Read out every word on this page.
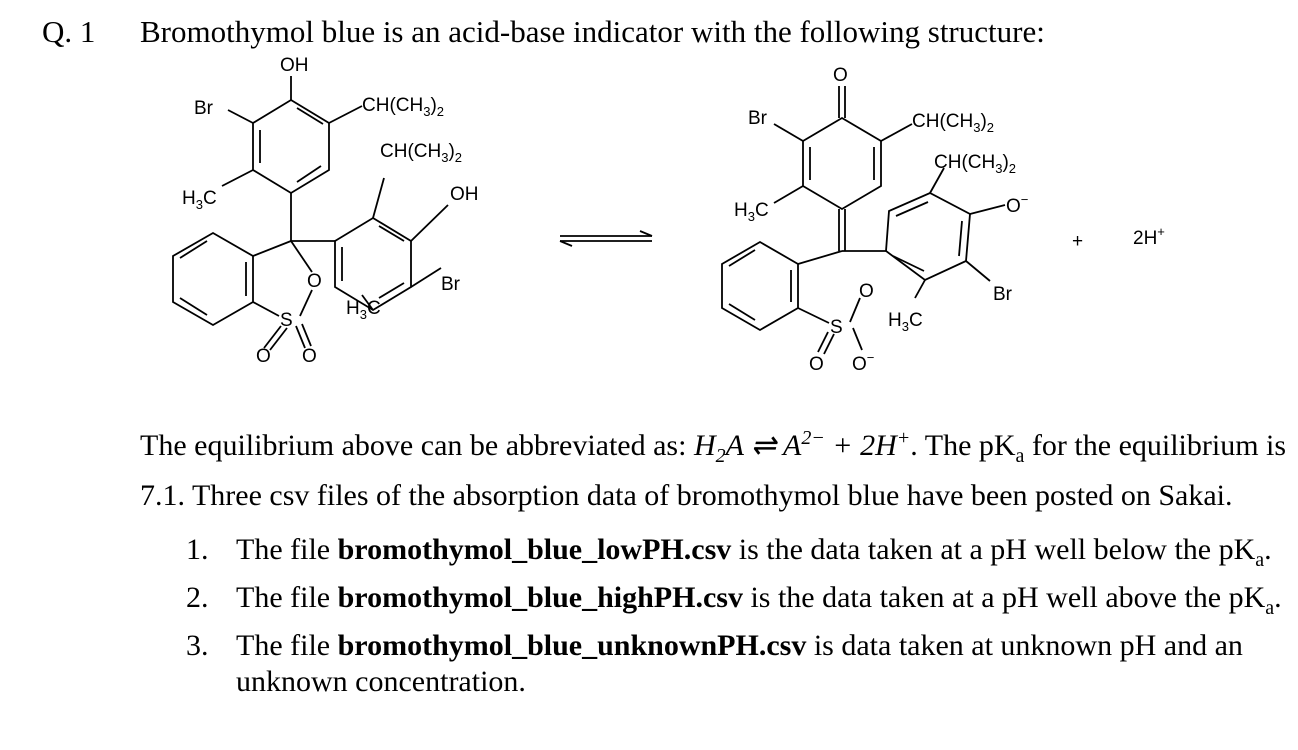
Q. 1 Bromothymol blue is an acid-base indicator with the following structure:
OH
Br	$CH(CH_3)_2$
$CH(CH_3)_2$
$H_3C$	OH
O
S
O O
$H_3C$
Br
O
Br	$CH(CH_3)_2$
$CH(CH_3)_2$
$H_3C$	O−
Br
$H_3C$
S
O
O O−
+	2H+
The equilibrium above can be abbreviated as: $H_2A$ ⇌ $A^{2-} + 2H^+$. The $pK_a$ for the equilibrium is 7.1. Three csv files of the absorption data of bromothymol blue have been posted on Sakai.
1. The file bromothymol_blue_lowPH.csv is the data taken at a pH well below the $pK_a$.
2. The file bromothymol_blue_highPH.csv is the data taken at a pH well above the $pK_a$.
3. The file bromothymol_blue_unknownPH.csv is data taken at unknown pH and an unknown concentration.
